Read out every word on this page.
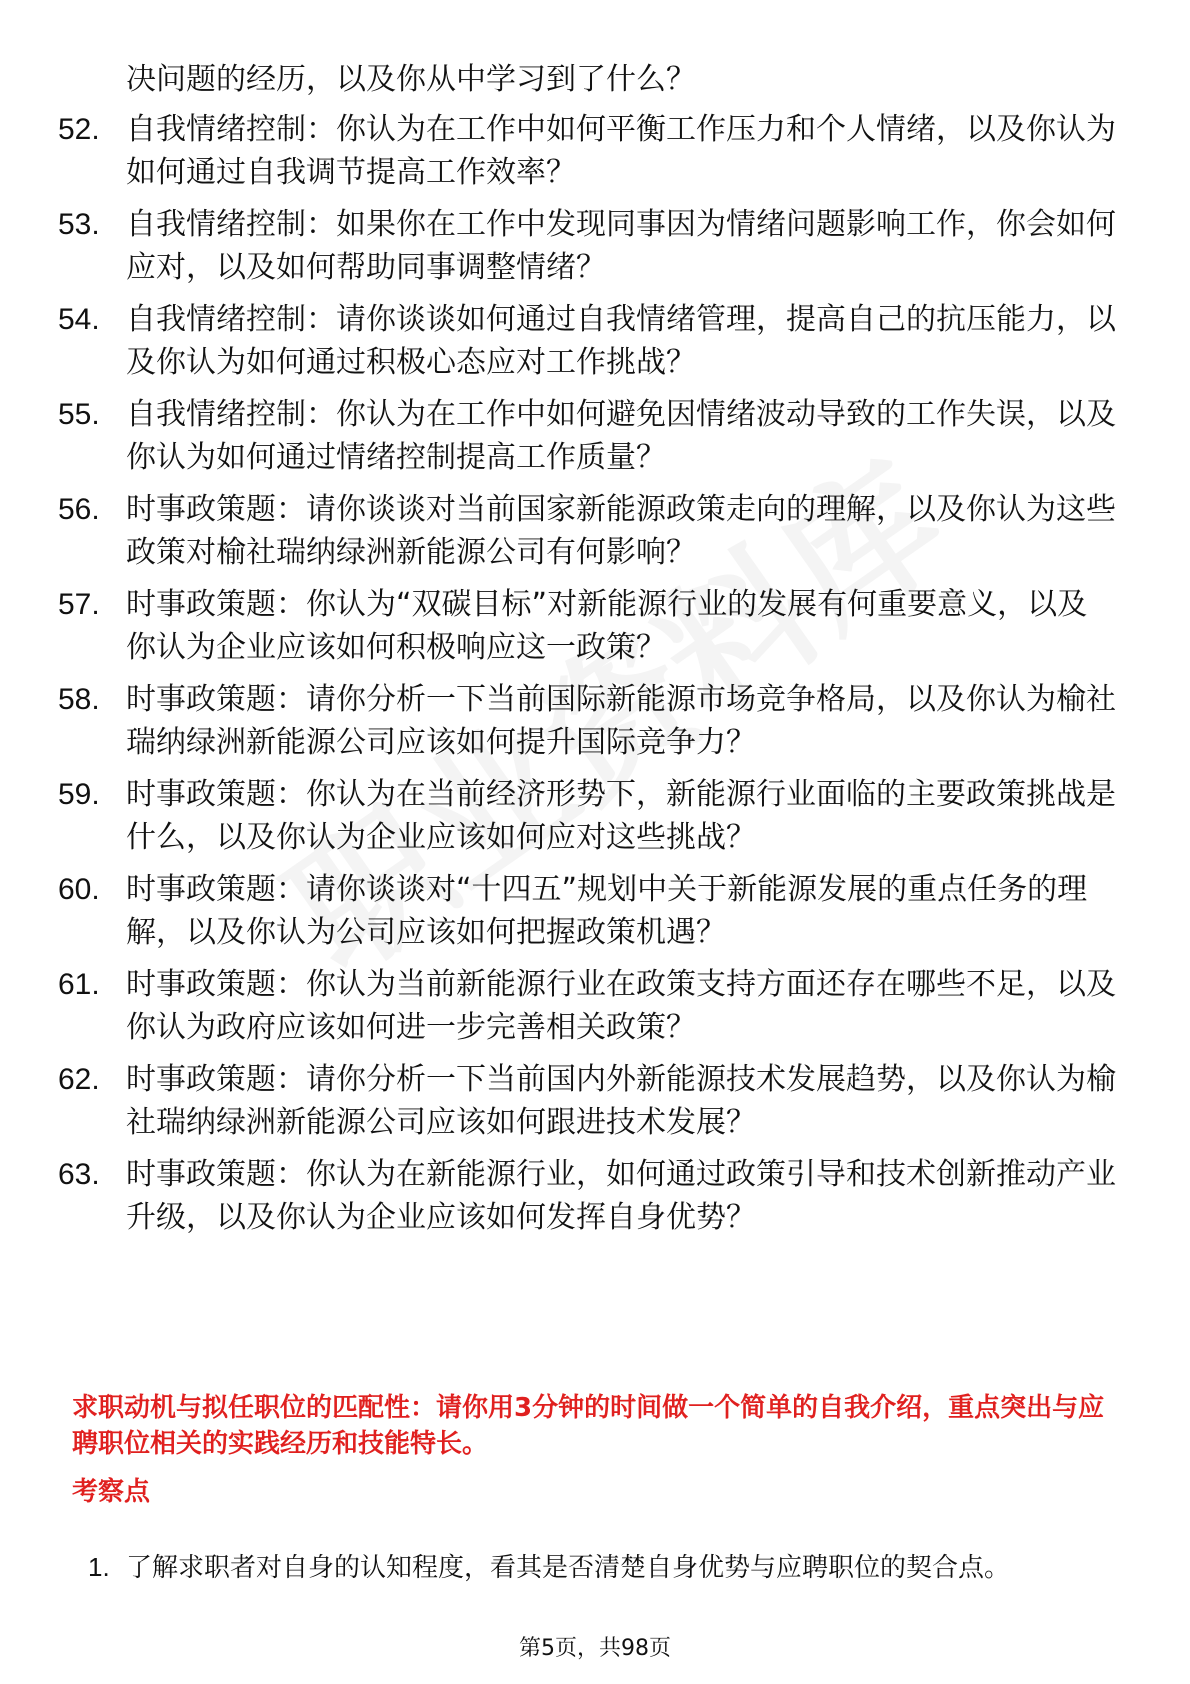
决问题的经历，以及你从中学习到了什么？
52. 自我情绪控制：你认为在工作中如何平衡工作压力和个人情绪，以及你认为如何通过自我调节提高工作效率？
53. 自我情绪控制：如果你在工作中发现同事因为情绪问题影响工作，你会如何应对，以及如何帮助同事调整情绪？
54. 自我情绪控制：请你谈谈如何通过自我情绪管理，提高自己的抗压能力，以及你认为如何通过积极心态应对工作挑战？
55. 自我情绪控制：你认为在工作中如何避免因情绪波动导致的工作失误，以及你认为如何通过情绪控制提高工作质量？
56. 时事政策题：请你谈谈对当前国家新能源政策走向的理解，以及你认为这些政策对榆社瑞纳绿洲新能源公司有何影响？
57. 时事政策题：你认为“双碳目标”对新能源行业的发展有何重要意义，以及你认为企业应该如何积极响应这一政策？
58. 时事政策题：请你分析一下当前国际新能源市场竞争格局，以及你认为榆社瑞纳绿洲新能源公司应该如何提升国际竞争力？
59. 时事政策题：你认为在当前经济形势下，新能源行业面临的主要政策挑战是什么，以及你认为企业应该如何应对这些挑战？
60. 时事政策题：请你谈谈对“十四五”规划中关于新能源发展的重点任务的理解，以及你认为公司应该如何把握政策机遇？
61. 时事政策题：你认为当前新能源行业在政策支持方面还存在哪些不足，以及你认为政府应该如何进一步完善相关政策？
62. 时事政策题：请你分析一下当前国内外新能源技术发展趋势，以及你认为榆社瑞纳绿洲新能源公司应该如何跟进技术发展？
63. 时事政策题：你认为在新能源行业，如何通过政策引导和技术创新推动产业升级，以及你认为企业应该如何发挥自身优势？
求职动机与拟任职位的匹配性：请你用3分钟的时间做一个简单的自我介绍，重点突出与应聘职位相关的实践经历和技能特长。
考察点
1. 了解求职者对自身的认知程度，看其是否清楚自身优势与应聘职位的契合点。
第5页，共98页
